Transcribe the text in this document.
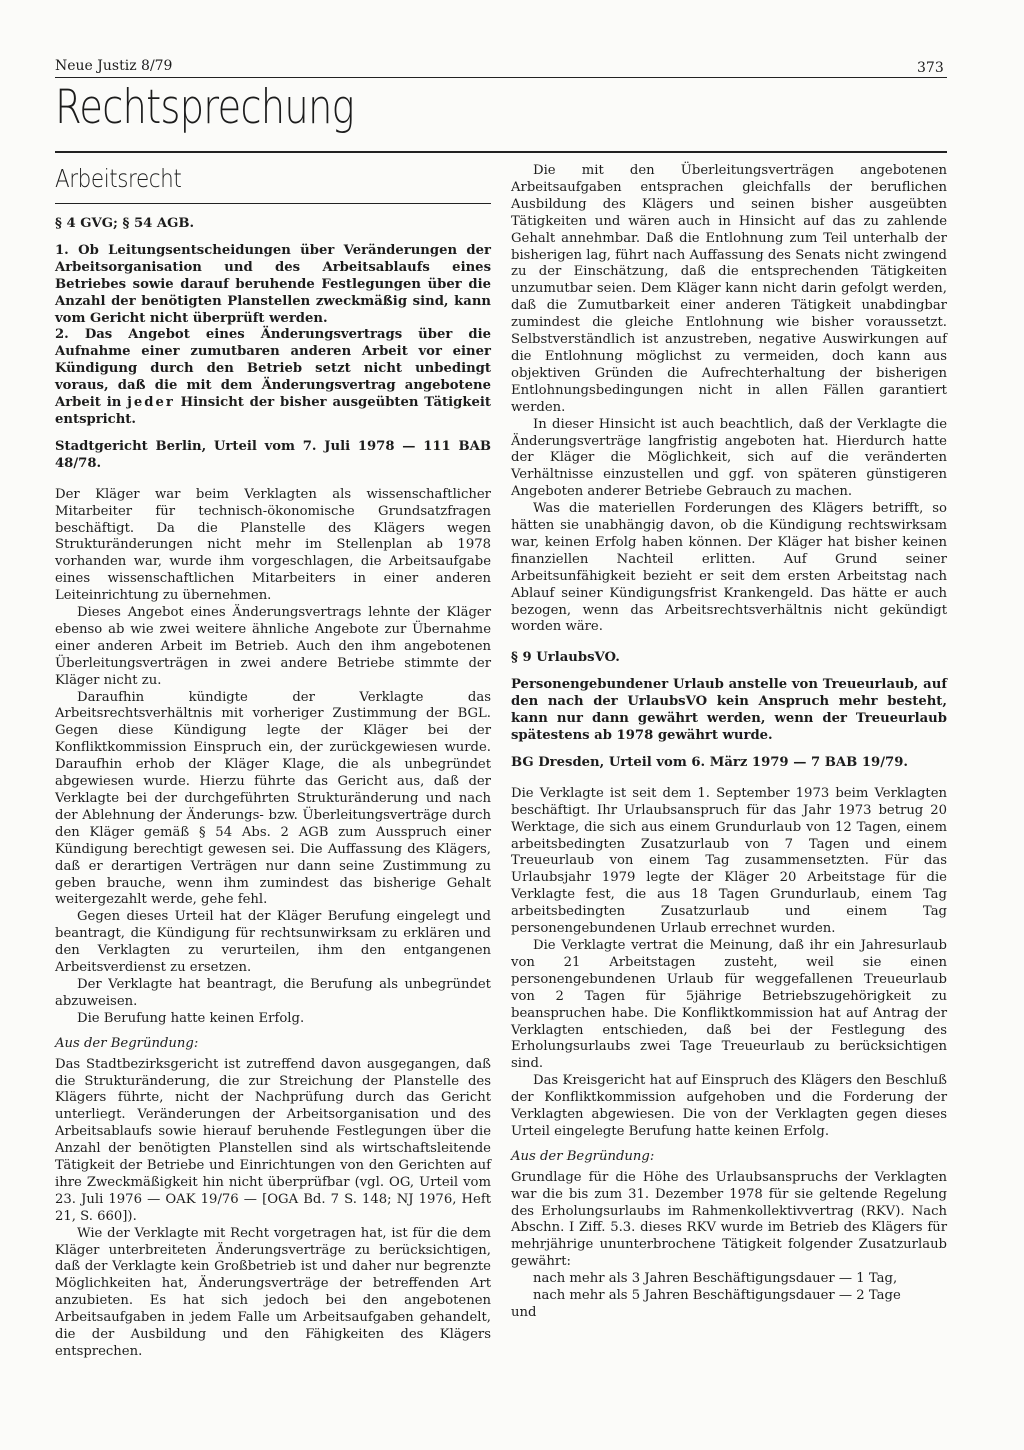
Neue Justiz 8/79	373
Rechtsprechung
Arbeitsrecht

§ 4 GVG; § 54 AGB.

1. Ob Leitungsentscheidungen über Veränderungen der Arbeitsorganisation und des Arbeitsablaufs eines Betriebes sowie darauf beruhende Festlegungen über die Anzahl der benötigten Planstellen zweckmäßig sind, kann vom Gericht nicht überprüft werden.

2. Das Angebot eines Änderungsvertrags über die Aufnahme einer zumutbaren anderen Arbeit vor einer Kündigung durch den Betrieb setzt nicht unbedingt voraus, daß die mit dem Änderungsvertrag angebotene Arbeit in jeder Hinsicht der bisher ausgeübten Tätigkeit entspricht.

Stadtgericht Berlin, Urteil vom 7. Juli 1978 — 111 BAB 48/78.

Der Kläger war beim Verklagten als wissenschaftlicher Mitarbeiter für technisch-ökonomische Grundsatzfragen beschäftigt. Da die Planstelle des Klägers wegen Strukturänderungen nicht mehr im Stellenplan ab 1978 vorhanden war, wurde ihm vorgeschlagen, die Arbeitsaufgabe eines wissenschaftlichen Mitarbeiters in einer anderen Leiteinrichtung zu übernehmen.

Dieses Angebot eines Änderungsvertrags lehnte der Kläger ebenso ab wie zwei weitere ähnliche Angebote zur Übernahme einer anderen Arbeit im Betrieb. Auch den ihm angebotenen Überleitungsverträgen in zwei andere Betriebe stimmte der Kläger nicht zu.

Daraufhin kündigte der Verklagte das Arbeitsrechtsverhältnis mit vorheriger Zustimmung der BGL. Gegen diese Kündigung legte der Kläger bei der Konfliktkommission Einspruch ein, der zurückgewiesen wurde. Daraufhin erhob der Kläger Klage, die als unbegründet abgewiesen wurde. Hierzu führte das Gericht aus, daß der Verklagte bei der durchgeführten Strukturänderung und nach der Ablehnung der Änderungs- bzw. Überleitungsverträge durch den Kläger gemäß § 54 Abs. 2 AGB zum Ausspruch einer Kündigung berechtigt gewesen sei. Die Auffassung des Klägers, daß er derartigen Verträgen nur dann seine Zustimmung zu geben brauche, wenn ihm zumindest das bisherige Gehalt weitergezahlt werde, gehe fehl.

Gegen dieses Urteil hat der Kläger Berufung eingelegt und beantragt, die Kündigung für rechtsunwirksam zu erklären und den Verklagten zu verurteilen, ihm den entgangenen Arbeitsverdienst zu ersetzen.

Der Verklagte hat beantragt, die Berufung als unbegründet abzuweisen.

Die Berufung hatte keinen Erfolg.

Aus der Begründung:

Das Stadtbezirksgericht ist zutreffend davon ausgegangen, daß die Strukturänderung, die zur Streichung der Planstelle des Klägers führte, nicht der Nachprüfung durch das Gericht unterliegt. Veränderungen der Arbeitsorganisation und des Arbeitsablaufs sowie hierauf beruhende Festlegungen über die Anzahl der benötigten Planstellen sind als wirtschaftsleitende Tätigkeit der Betriebe und Einrichtungen von den Gerichten auf ihre Zweckmäßigkeit hin nicht überprüfbar (vgl. OG, Urteil vom 23. Juli 1976 — OAK 19/76 — [OGA Bd. 7 S. 148; NJ 1976, Heft 21, S. 660]).

Wie der Verklagte mit Recht vorgetragen hat, ist für die dem Kläger unterbreiteten Änderungsverträge zu berücksichtigen, daß der Verklagte kein Großbetrieb ist und daher nur begrenzte Möglichkeiten hat, Änderungsverträge der betreffenden Art anzubieten. Es hat sich jedoch bei den angebotenen Arbeitsaufgaben in jedem Falle um Arbeitsaufgaben gehandelt, die der Ausbildung und den Fähigkeiten des Klägers entsprechen.

Die mit den Überleitungsverträgen angebotenen Arbeitsaufgaben entsprachen gleichfalls der beruflichen Ausbildung des Klägers und seinen bisher ausgeübten Tätigkeiten und wären auch in Hinsicht auf das zu zahlende Gehalt annehmbar. Daß die Entlohnung zum Teil unterhalb der bisherigen lag, führt nach Auffassung des Senats nicht zwingend zu der Einschätzung, daß die entsprechenden Tätigkeiten unzumutbar seien. Dem Kläger kann nicht darin gefolgt werden, daß die Zumutbarkeit einer anderen Tätigkeit unabdingbar zumindest die gleiche Entlohnung wie bisher voraussetzt. Selbstverständlich ist anzustreben, negative Auswirkungen auf die Entlohnung möglichst zu vermeiden, doch kann aus objektiven Gründen die Aufrechterhaltung der bisherigen Entlohnungsbedingungen nicht in allen Fällen garantiert werden.

In dieser Hinsicht ist auch beachtlich, daß der Verklagte die Änderungsverträge langfristig angeboten hat. Hierdurch hatte der Kläger die Möglichkeit, sich auf die veränderten Verhältnisse einzustellen und ggf. von späteren günstigeren Angeboten anderer Betriebe Gebrauch zu machen.

Was die materiellen Forderungen des Klägers betrifft, so hätten sie unabhängig davon, ob die Kündigung rechtswirksam war, keinen Erfolg haben können. Der Kläger hat bisher keinen finanziellen Nachteil erlitten. Auf Grund seiner Arbeitsunfähigkeit bezieht er seit dem ersten Arbeitstag nach Ablauf seiner Kündigungsfrist Krankengeld. Das hätte er auch bezogen, wenn das Arbeitsrechtsverhältnis nicht gekündigt worden wäre.

§ 9 UrlaubsVO.

Personengebundener Urlaub anstelle von Treueurlaub, auf den nach der UrlaubsVO kein Anspruch mehr besteht, kann nur dann gewährt werden, wenn der Treueurlaub spätestens ab 1978 gewährt wurde.

BG Dresden, Urteil vom 6. März 1979 — 7 BAB 19/79.

Die Verklagte ist seit dem 1. September 1973 beim Verklagten beschäftigt. Ihr Urlaubsanspruch für das Jahr 1973 betrug 20 Werktage, die sich aus einem Grundurlaub von 12 Tagen, einem arbeitsbedingten Zusatzurlaub von 7 Tagen und einem Treueurlaub von einem Tag zusammensetzten. Für das Urlaubsjahr 1979 legte der Kläger 20 Arbeitstage für die Verklagte fest, die aus 18 Tagen Grundurlaub, einem Tag arbeitsbedingten Zusatzurlaub und einem Tag personengebundenen Urlaub errechnet wurden.

Die Verklagte vertrat die Meinung, daß ihr ein Jahresurlaub von 21 Arbeitstagen zusteht, weil sie einen personengebundenen Urlaub für weggefallenen Treueurlaub von 2 Tagen für 5jährige Betriebszugehörigkeit zu beanspruchen habe. Die Konfliktkommission hat auf Antrag der Verklagten entschieden, daß bei der Festlegung des Erholungsurlaubs zwei Tage Treueurlaub zu berücksichtigen sind.

Das Kreisgericht hat auf Einspruch des Klägers den Beschluß der Konfliktkommission aufgehoben und die Forderung der Verklagten abgewiesen. Die von der Verklagten gegen dieses Urteil eingelegte Berufung hatte keinen Erfolg.

Aus der Begründung:

Grundlage für die Höhe des Urlaubsanspruchs der Verklagten war die bis zum 31. Dezember 1978 für sie geltende Regelung des Erholungsurlaubs im Rahmenkollektivvertrag (RKV). Nach Abschn. I Ziff. 5.3. dieses RKV wurde im Betrieb des Klägers für mehrjährige ununterbrochene Tätigkeit folgender Zusatzurlaub gewährt:

nach mehr als 3 Jahren Beschäftigungsdauer — 1 Tag,

nach mehr als 5 Jahren Beschäftigungsdauer — 2 Tage

und
